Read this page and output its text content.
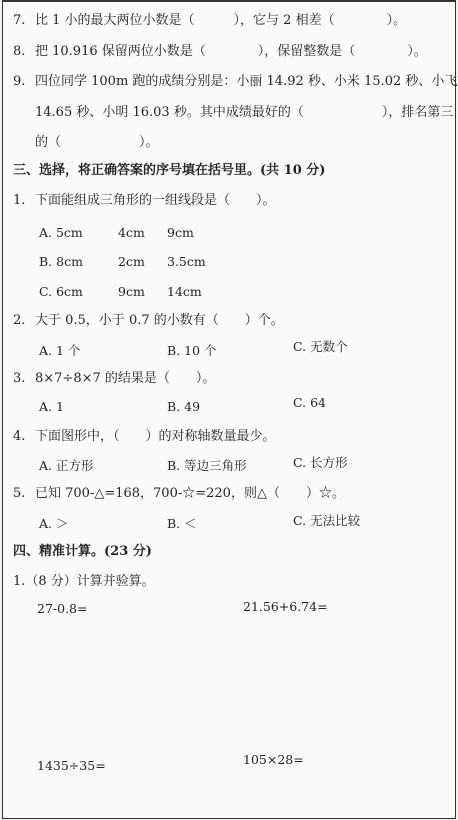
7. 比 1 小的最大两位小数是（　　　），它与 2 相差（　　　　）。
8. 把 10.916 保留两位小数是（　　　　），保留整数是（　　　　）。
9. 四位同学 100m 跑的成绩分别是：小丽 14.92 秒、小米 15.02 秒、小飞
14.65 秒、小明 16.03 秒。其中成绩最好的（　　　　　　），排名第三
的（　　　　　　）。
三、选择，将正确答案的序号填在括号里。(共 10 分)
1. 下面能组成三角形的一组线段是（　　）。
A. 5cm	4cm 9cm
B. 8cm	2cm 3.5cm
C. 6cm	9cm 14cm
2. 大于 0.5，小于 0.7 的小数有（　　）个。
A. 1 个	B. 10 个	C. 无数个
3. 8×7÷8×7 的结果是（　　）。
A. 1	B. 49	C. 64
4. 下面图形中，（　　）的对称轴数量最少。
A. 正方形	B. 等边三角形	C. 长方形
5. 已知 700-△=168，700-☆=220，则△（　　）☆。
A. ＞	B. ＜	C. 无法比较
四、精准计算。(23 分)
1.（8 分）计算并验算。
27-0.8=	21.56+6.74=
1435÷35=	105×28=
